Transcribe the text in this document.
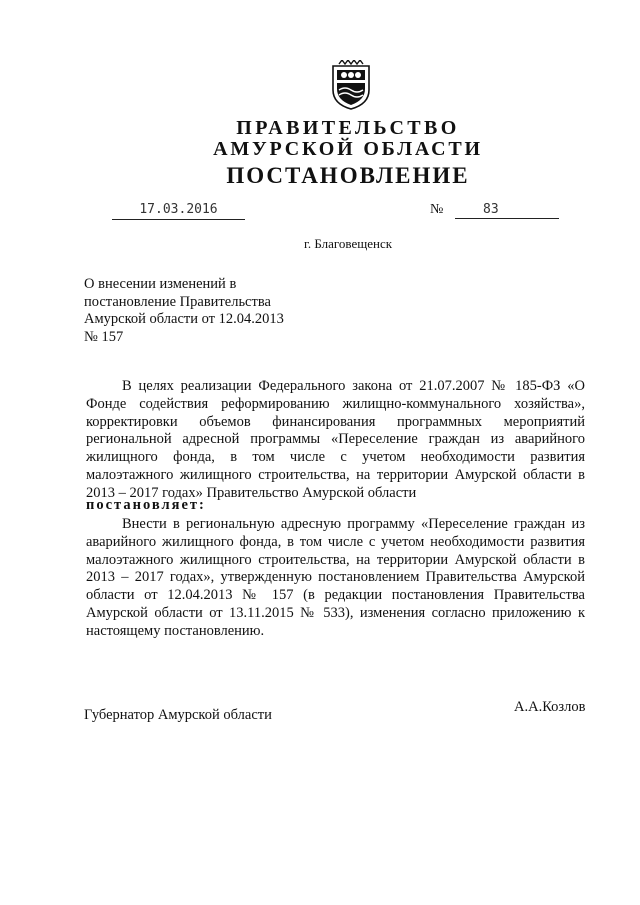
ПРАВИТЕЛЬСТВО
АМУРСКОЙ ОБЛАСТИ
ПОСТАНОВЛЕНИЕ
17.03.2016	№	83
г. Благовещенск
О внесении изменений в
постановление Правительства
Амурской области от 12.04.2013
№ 157
В целях реализации Федерального закона от 21.07.2007 № 185-ФЗ «О
Фонде содействия реформированию жилищно-коммунального хозяйства»,
корректировки объемов финансирования программных мероприятий
региональной адресной программы «Переселение граждан из аварийного
жилищного фонда, в том числе с учетом необходимости развития
малоэтажного жилищного строительства, на территории Амурской области в
2013 – 2017 годах» Правительство Амурской области
постановляет:
Внести в региональную адресную программу «Переселение граждан из
аварийного жилищного фонда, в том числе с учетом необходимости развития
малоэтажного жилищного строительства, на территории Амурской области в
2013 – 2017 годах», утвержденную постановлением Правительства Амурской
области от 12.04.2013 № 157 (в редакции постановления Правительства
Амурской области от 13.11.2015 № 533), изменения согласно приложению к
настоящему постановлению.
Губернатор Амурской области	А.А.Козлов
